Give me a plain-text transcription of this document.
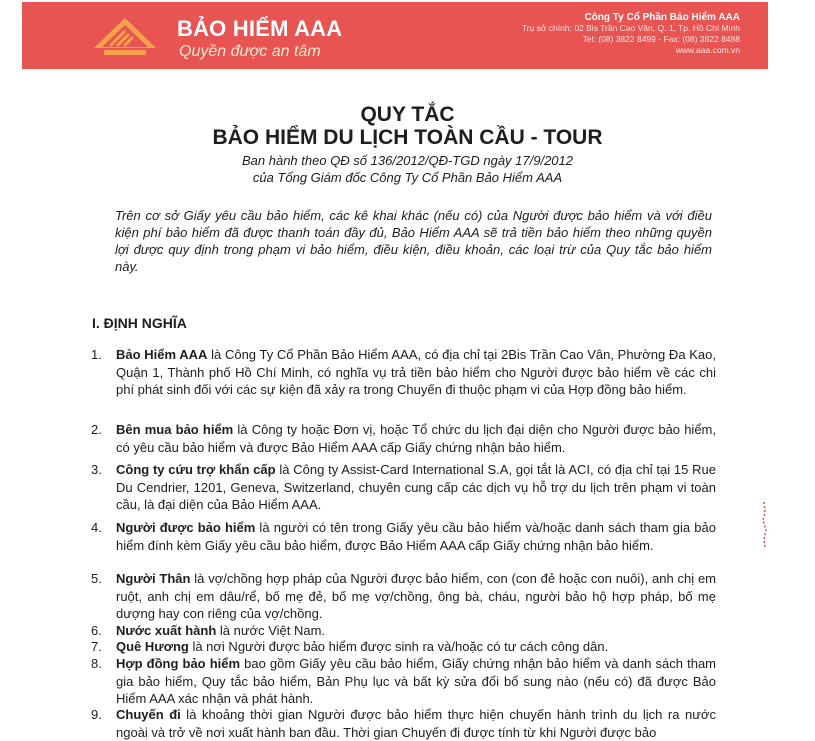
BẢO HIỂM AAA
Quyền được an tâm
Công Ty Cổ Phần Bảo Hiểm AAA
Trụ sở chính: 02 Bis Trần Cao Văn, Q. 1, Tp. Hồ Chí Minh
Tel: (08) 3822 8499 - Fax: (08) 3822 8488
www.aaa.com.vn
QUY TẮC
BẢO HIỂM DU LỊCH TOÀN CẦU - TOUR
Ban hành theo QĐ số 136/2012/QĐ-TGD ngày 17/9/2012
của Tổng Giám đốc Công Ty Cổ Phần Bảo Hiểm AAA
Trên cơ sở Giấy yêu cầu bảo hiểm, các kê khai khác (nếu có) của Người được bảo hiểm và với điều kiện phí bảo hiểm đã được thanh toán đầy đủ, Bảo Hiểm AAA sẽ trả tiền bảo hiểm theo những quyền lợi được quy định trong phạm vi bảo hiểm, điều kiện, điều khoản, các loại trừ của Quy tắc bảo hiểm này.
I. ĐỊNH NGHĨA
1.	Bảo Hiểm AAA là Công Ty Cổ Phần Bảo Hiểm AAA, có địa chỉ tại 2Bis Trần Cao Vân, Phường Đa Kao, Quận 1, Thành phố Hồ Chí Minh, có nghĩa vụ trả tiền bảo hiểm cho Người được bảo hiểm về các chi phí phát sinh đối với các sự kiện đã xảy ra trong Chuyến đi thuộc phạm vi của Hợp đồng bảo hiểm.
2.	Bên mua bảo hiểm là Công ty hoặc Đơn vị, hoặc Tổ chức du lịch đại diện cho Người được bảo hiểm, có yêu cầu bảo hiểm và được Bảo Hiểm AAA cấp Giấy chứng nhận bảo hiểm.
3.	Công ty cứu trợ khẩn cấp là Công ty Assist-Card International S.A, gọi tắt là ACI, có địa chỉ tại 15 Rue Du Cendrier, 1201, Geneva, Switzerland, chuyên cung cấp các dịch vụ hỗ trợ du lịch trên phạm vi toàn cầu, là đại diện của Bảo Hiểm AAA.
4.	Người được bảo hiểm là người có tên trong Giấy yêu cầu bảo hiểm và/hoặc danh sách tham gia bảo hiểm đính kèm Giấy yêu cầu bảo hiểm, được Bảo Hiểm AAA cấp Giấy chứng nhận bảo hiểm.
5.	Người Thân là vợ/chồng hợp pháp của Người được bảo hiểm, con (con đẻ hoặc con nuôi), anh chị em ruột, anh chị em dâu/rể, bố mẹ đẻ, bố mẹ vợ/chồng, ông bà, cháu, người bảo hộ hợp pháp, bố mẹ dượng hay con riêng của vợ/chồng.
6.	Nước xuất hành là nước Việt Nam.
7.	Quê Hương là nơi Người được bảo hiểm được sinh ra và/hoặc có tư cách công dân.
8.	Hợp đồng bảo hiểm bao gồm Giấy yêu cầu bảo hiểm, Giấy chứng nhận bảo hiểm và danh sách tham gia bảo hiểm, Quy tắc bảo hiểm, Bản Phụ lục và bất kỳ sửa đổi bổ sung nào (nếu có) đã được Bảo Hiểm AAA xác nhận và phát hành.
9.	Chuyến đi là khoảng thời gian Người được bảo hiểm thực hiện chuyến hành trình du lịch ra nước ngoài và trở về nơi xuất hành ban đầu. Thời gian Chuyến đi được tính từ khi Người được bảo
